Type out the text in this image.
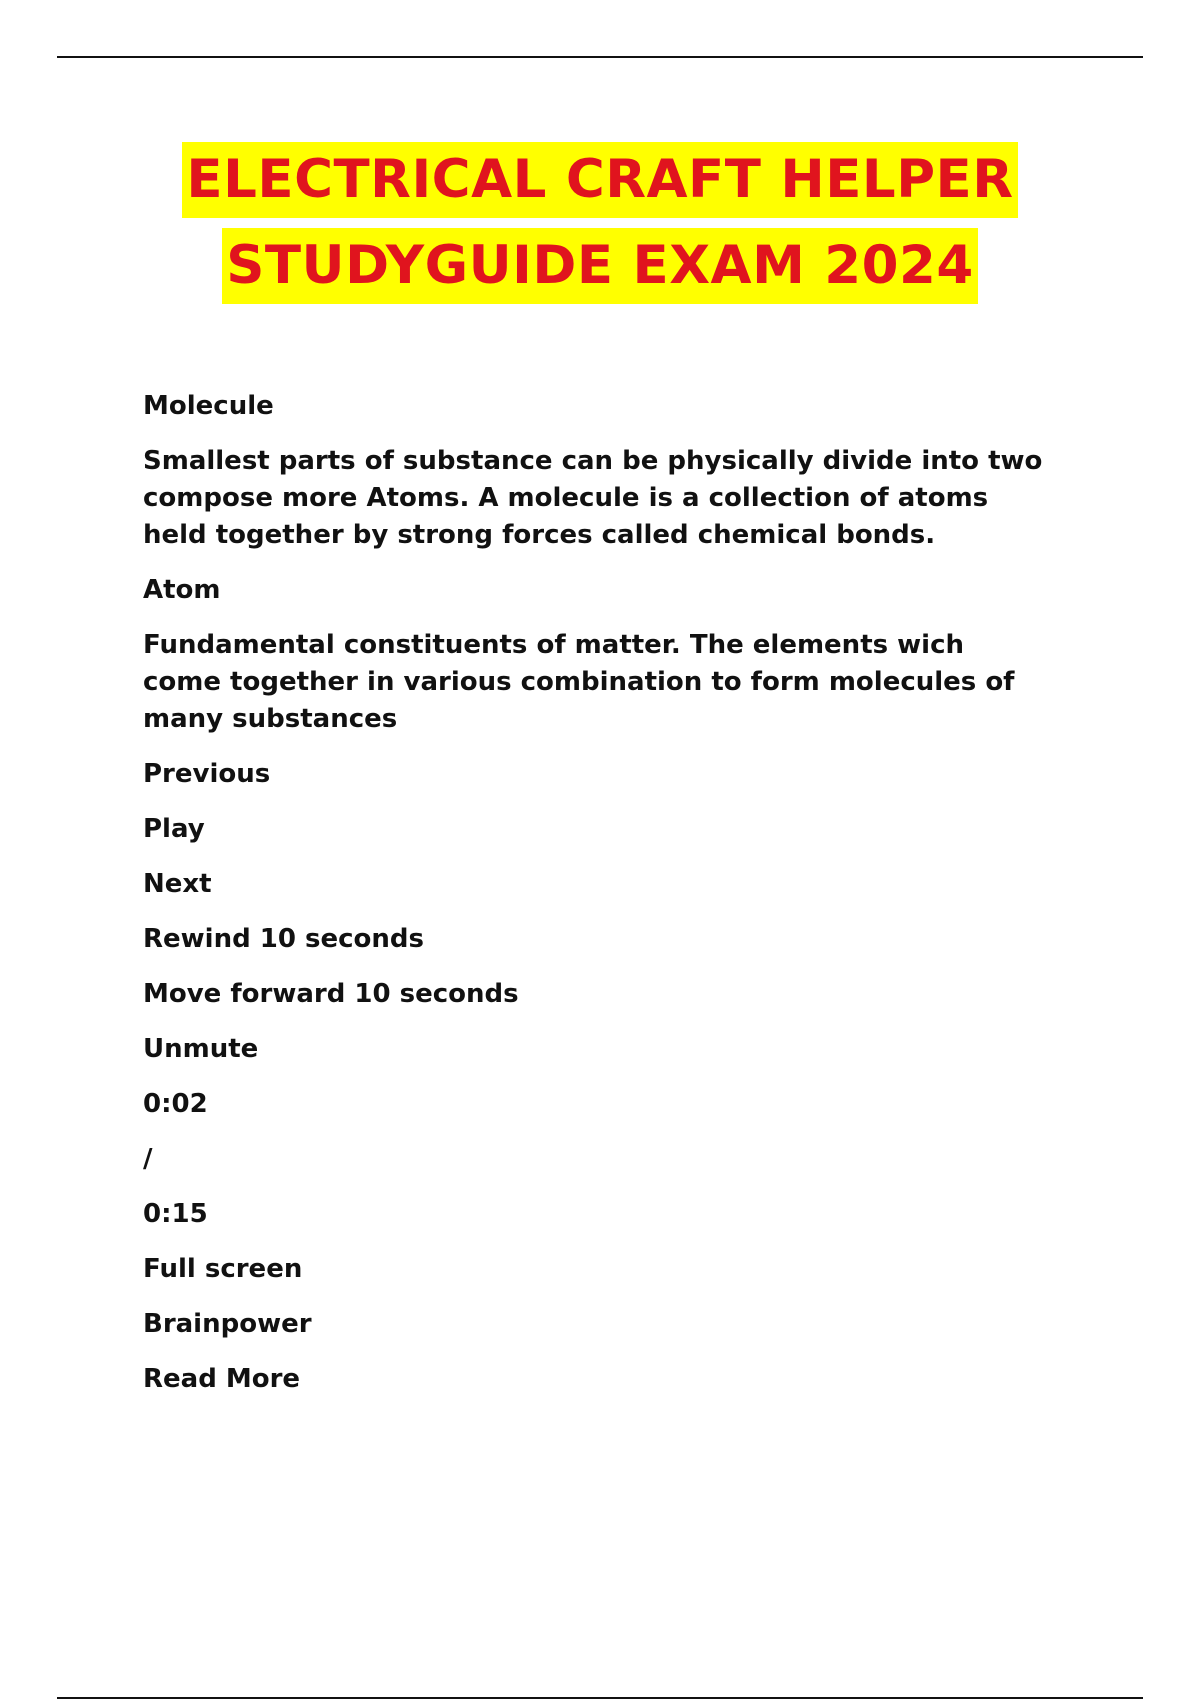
ELECTRICAL CRAFT HELPER
STUDYGUIDE EXAM 2024
Molecule
Smallest parts of substance can be physically divide into two compose more Atoms. A molecule is a collection of atoms held together by strong forces called chemical bonds.
Atom
Fundamental constituents of matter. The elements wich come together in various combination to form molecules of many substances
Previous
Play
Next
Rewind 10 seconds
Move forward 10 seconds
Unmute
0:02
/
0:15
Full screen
Brainpower
Read More
